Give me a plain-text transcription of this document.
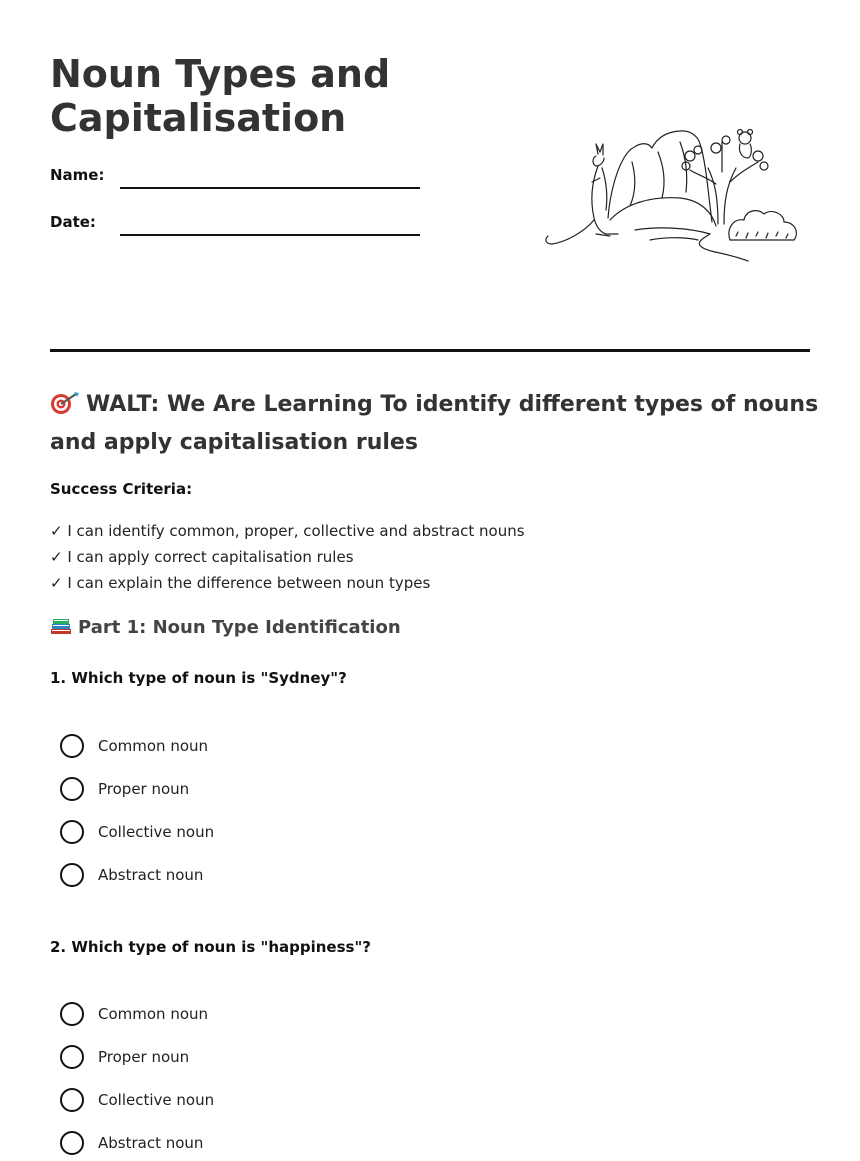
Noun Types and Capitalisation
Name:
Date:
WALT: We Are Learning To identify different types of nouns and apply capitalisation rules
Success Criteria:
✓ I can identify common, proper, collective and abstract nouns
✓ I can apply correct capitalisation rules
✓ I can explain the difference between noun types
Part 1: Noun Type Identification
1. Which type of noun is "Sydney"?
Common noun
Proper noun
Collective noun
Abstract noun
2. Which type of noun is "happiness"?
Common noun
Proper noun
Collective noun
Abstract noun
